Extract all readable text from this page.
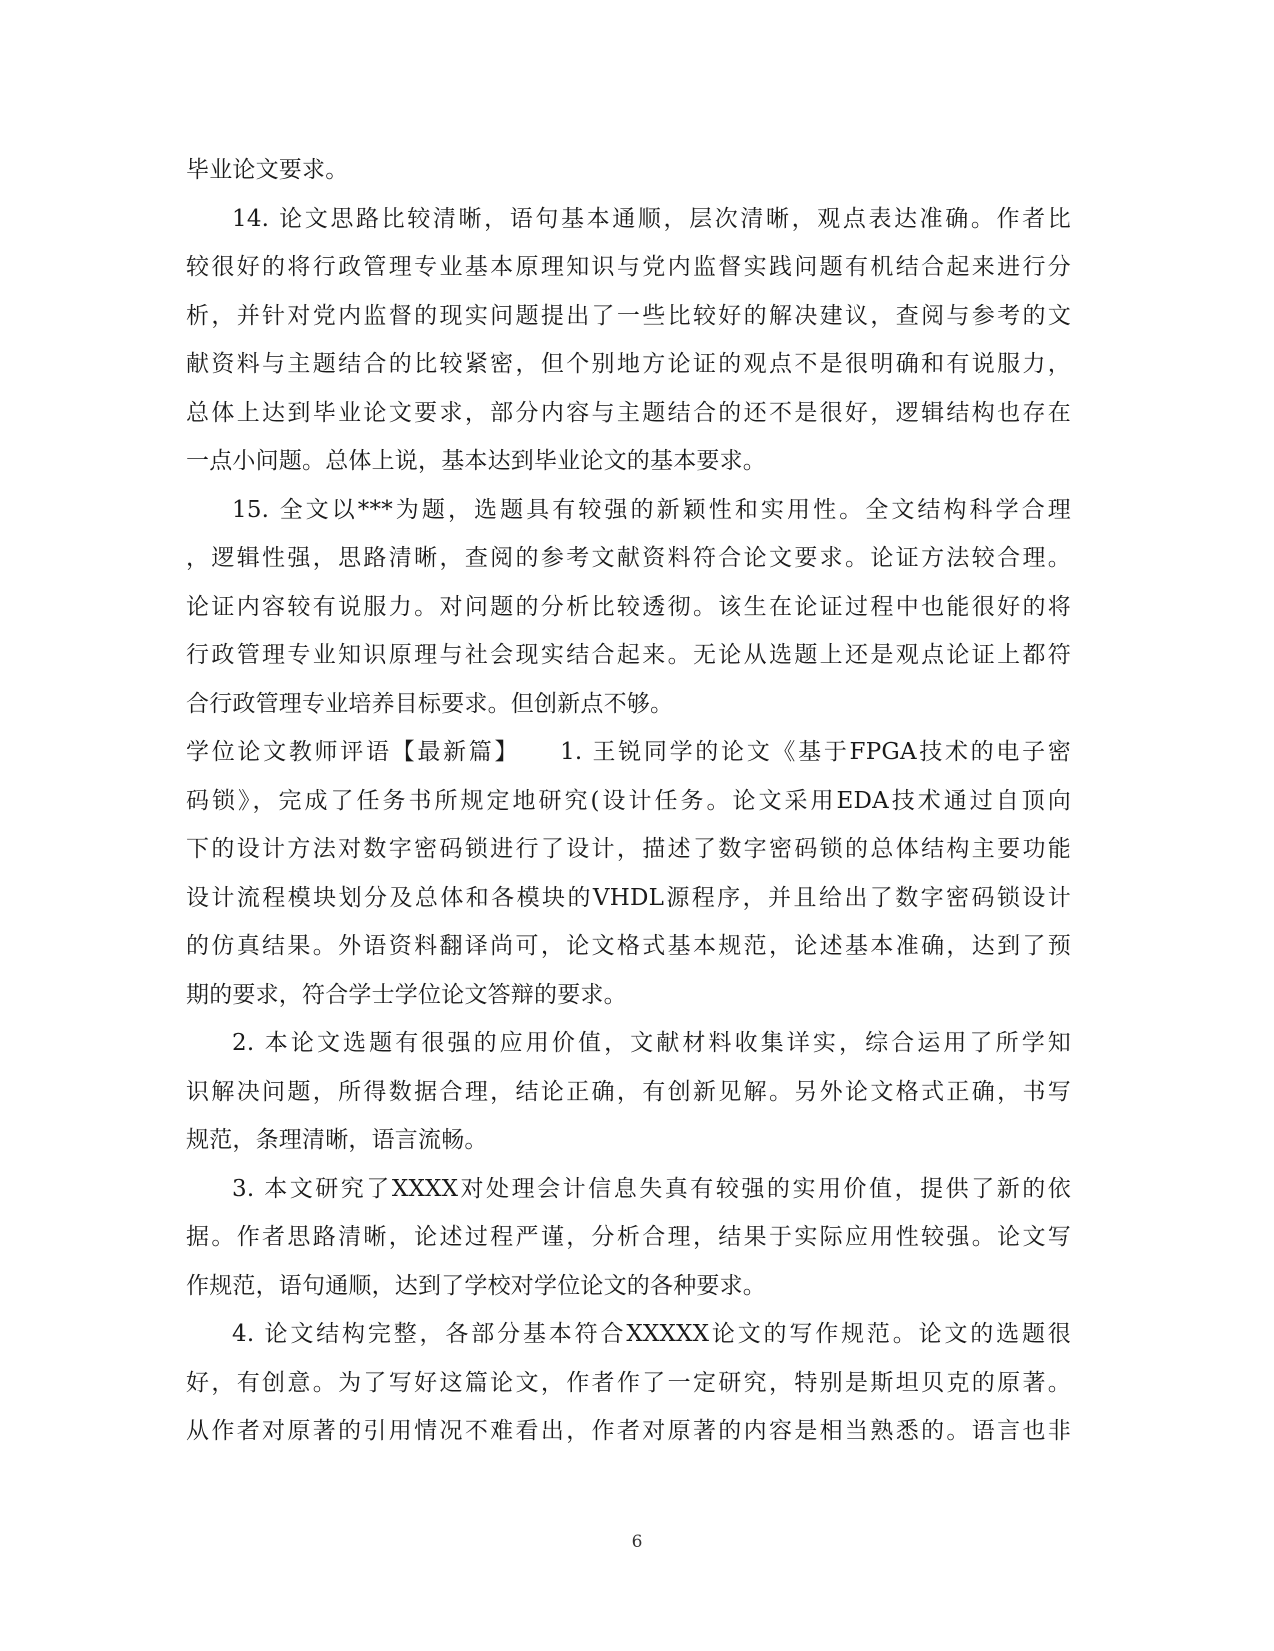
毕业论文要求。
14. 论文思路比较清晰，语句基本通顺，层次清晰，观点表达准确。作者比
较很好的将行政管理专业基本原理知识与党内监督实践问题有机结合起来进行分
析，并针对党内监督的现实问题提出了一些比较好的解决建议，查阅与参考的文
献资料与主题结合的比较紧密，但个别地方论证的观点不是很明确和有说服力，
总体上达到毕业论文要求，部分内容与主题结合的还不是很好，逻辑结构也存在
一点小问题。总体上说，基本达到毕业论文的基本要求。
15. 全文以***为题，选题具有较强的新颖性和实用性。全文结构科学合理
，逻辑性强，思路清晰，查阅的参考文献资料符合论文要求。论证方法较合理。
论证内容较有说服力。对问题的分析比较透彻。该生在论证过程中也能很好的将
行政管理专业知识原理与社会现实结合起来。无论从选题上还是观点论证上都符
合行政管理专业培养目标要求。但创新点不够。
学位论文教师评语【最新篇】　　1. 王锐同学的论文《基于FPGA技术的电子密
码锁》，完成了任务书所规定地研究(设计任务。论文采用EDA技术通过自顶向
下的设计方法对数字密码锁进行了设计，描述了数字密码锁的总体结构主要功能
设计流程模块划分及总体和各模块的VHDL源程序，并且给出了数字密码锁设计
的仿真结果。外语资料翻译尚可，论文格式基本规范，论述基本准确，达到了预
期的要求，符合学士学位论文答辩的要求。
2. 本论文选题有很强的应用价值，文献材料收集详实，综合运用了所学知
识解决问题，所得数据合理，结论正确，有创新见解。另外论文格式正确，书写
规范，条理清晰，语言流畅。
3. 本文研究了XXXX对处理会计信息失真有较强的实用价值，提供了新的依
据。作者思路清晰，论述过程严谨，分析合理，结果于实际应用性较强。论文写
作规范，语句通顺，达到了学校对学位论文的各种要求。
4. 论文结构完整，各部分基本符合XXXXX论文的写作规范。论文的选题很
好，有创意。为了写好这篇论文，作者作了一定研究，特别是斯坦贝克的原著。
从作者对原著的引用情况不难看出，作者对原著的内容是相当熟悉的。语言也非
6
